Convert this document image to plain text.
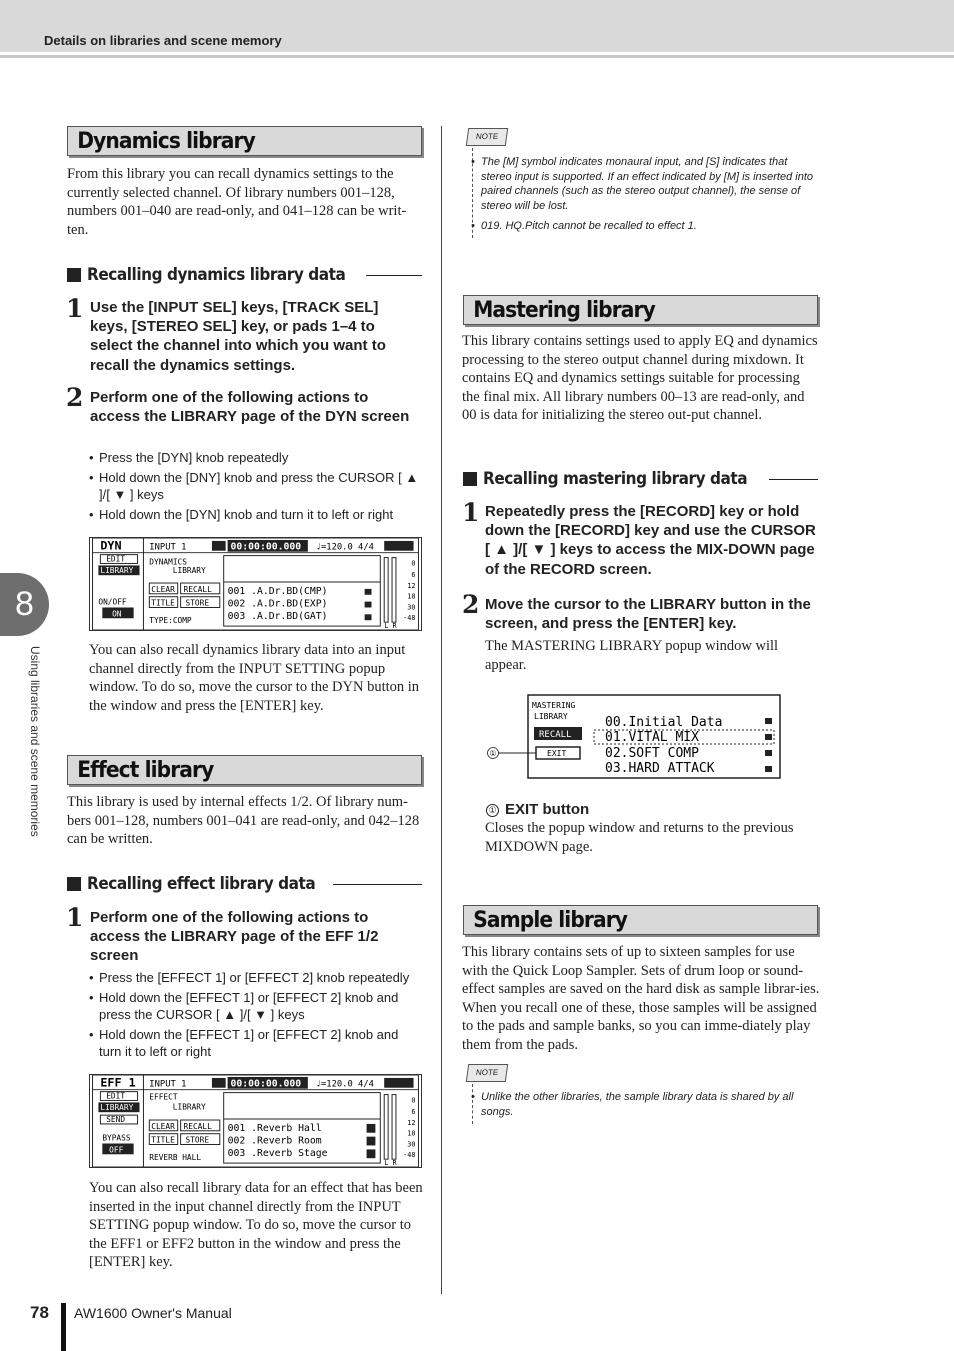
Details on libraries and scene memory
8
Using libraries and scene memories
Dynamics library
From this library you can recall dynamics settings to the currently selected channel. Of library numbers 001–128, numbers 001–040 are read-only, and 041–128 can be writ-ten.
Recalling dynamics library data
1 Use the [INPUT SEL] keys, [TRACK SEL] keys, [STEREO SEL] key, or pads 1–4 to select the channel into which you want to recall the dynamics settings.
2 Perform one of the following actions to access the LIBRARY page of the DYN screen
• Press the [DYN] knob repeatedly
• Hold down the [DNY] knob and press the CURSOR [ ▲ ]/[ ▼ ] keys
• Hold down the [DYN] knob and turn it to left or right
DYN	INPUT 1	00:00:00.000 ♩=120.0 4/4
DYNAMICS
LIBRARY
EDIT
LIBRARY
ON/OFF
ON
CLEAR RECALL
TITLE STORE
TYPE:COMP
001 .A.Dr.BD(CMP)
002 .A.Dr.BD(EXP)
003 .A.Dr.BD(GAT)
0
6
12
18
30
-48
L R
You can also recall dynamics library data into an input channel directly from the INPUT SETTING popup window. To do so, move the cursor to the DYN button in the window and press the [ENTER] key.
Effect library
This library is used by internal effects 1/2. Of library num-bers 001–128, numbers 001–041 are read-only, and 042–128 can be written.
Recalling effect library data
1 Perform one of the following actions to access the LIBRARY page of the EFF 1/2 screen
• Press the [EFFECT 1] or [EFFECT 2] knob repeatedly
• Hold down the [EFFECT 1] or [EFFECT 2] knob and press the CURSOR [ ▲ ]/[ ▼ ] keys
• Hold down the [EFFECT 1] or [EFFECT 2] knob and turn it to left or right
EFF 1 INPUT 1	00:00:00.000 ♩=120.0 4/4
EFFECT
LIBRARY
EDIT
LIBRARY
SEND
BYPASS
OFF
CLEAR RECALL
TITLE STORE
REVERB HALL
001 .Reverb Hall
002 .Reverb Room
003 .Reverb Stage
0
6
12
18
30
-48
L R
You can also recall library data for an effect that has been inserted in the input channel directly from the INPUT SETTING popup window. To do so, move the cursor to the EFF1 or EFF2 button in the window and press the [ENTER] key.
NOTE
• The [M] symbol indicates monaural input, and [S] indicates that stereo input is supported. If an effect indicated by [M] is inserted into paired channels (such as the stereo output channel), the sense of stereo will be lost.
• 019. HQ.Pitch cannot be recalled to effect 1.
Mastering library
This library contains settings used to apply EQ and dynamics processing to the stereo output channel during mixdown. It contains EQ and dynamics settings suitable for processing the final mix. All library numbers 00–13 are read-only, and 00 is data for initializing the stereo out-put channel.
Recalling mastering library data
1 Repeatedly press the [RECORD] key or hold down the [RECORD] key and use the CURSOR [ ▲ ]/[ ▼ ] keys to access the MIX-DOWN page of the RECORD screen.
2 Move the cursor to the LIBRARY button in the screen, and press the [ENTER] key.
The MASTERING LIBRARY popup window will appear.
MASTERING
LIBRARY
RECALL
EXIT
①
00.Initial Data
01.VITAL MIX
02.SOFT COMP
03.HARD ATTACK
① EXIT button
Closes the popup window and returns to the previous MIXDOWN page.
Sample library
This library contains sets of up to sixteen samples for use with the Quick Loop Sampler. Sets of drum loop or sound-effect samples are saved on the hard disk as sample librar-ies. When you recall one of these, those samples will be assigned to the pads and sample banks, so you can imme-diately play them from the pads.
NOTE
• Unlike the other libraries, the sample library data is shared by all songs.
78 AW1600 Owner's Manual
